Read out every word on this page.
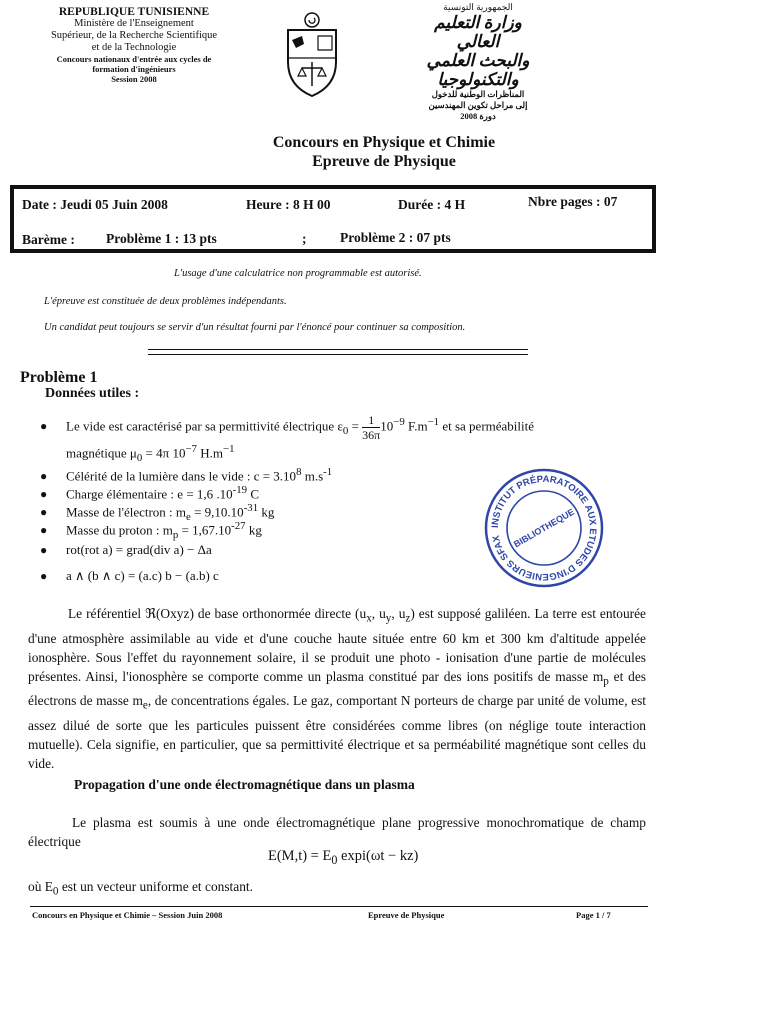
REPUBLIQUE TUNISIENNE
Ministère de l'Enseignement
Supérieur, de la Recherche Scientifique
et de la Technologie
Concours nationaux d'entrée aux cycles de
formation d'ingénieurs
Session 2008
الجمهورية التونسية
وزارة التعليم العالي
والبحث العلمي والتكنولوجيا
المناظرات الوطنية للدخول
إلى مراحل تكوين المهندسين
دورة 2008
Concours en Physique et Chimie
Epreuve de Physique
Date : Jeudi 05 Juin 2008	Heure : 8 H 00	Durée : 4 H	Nbre pages : 07
Barème : Problème 1 : 13 pts	; Problème 2 : 07 pts
L'usage d'une calculatrice non programmable est autorisé.
L'épreuve est constituée de deux problèmes indépendants.
Un candidat peut toujours se servir d'un résultat fourni par l'énoncé pour continuer sa composition.
Problème 1
Données utiles :
● Le vide est caractérisé par sa permittivité électrique $\varepsilon_0 = \frac{1}{36\pi} 10^{-9}$ $F.m^{-1}$ et sa perméabilité
magnétique $\mu_0 = 4\pi$ $10^{-7}$ $H.m^{-1}$
● Célérité de la lumière dans le vide : $c = 3.10^8$ $m.s^{-1}$
● Charge élémentaire : e = 1,6 $.10^{-19}$ C
● Masse de l'électron : $m_e = 9,10.10^{-31}$ kg
● Masse du proton : $m_p = 1,67.10^{-27}$ kg
● rot(rot a) = grad(div a) − Δa
● a ∧ (b ∧ c) = (a.c) b − (a.b) c
INSTITUT PRÉPARATOIRE AUX ETUDES D'INGENIEURS SFAX	BIBLIOTHEQUE
Le référentiel ℜ(Oxyz) de base orthonormée directe ($u_x$, $u_y$, $u_z$) est supposé galiléen. La terre est entourée d'une atmosphère assimilable au vide et d'une couche haute située entre 60 km et 300 km d'altitude appelée ionosphère. Sous l'effet du rayonnement solaire, il se produit une photo - ionisation d'une partie de molécules présentes. Ainsi, l'ionosphère se comporte comme un plasma constitué par des ions positifs de masse $m_p$ et des électrons de masse $m_e$, de concentrations égales. Le gaz, comportant N porteurs de charge par unité de volume, est assez dilué de sorte que les particules puissent être considérées comme libres (on néglige toute interaction mutuelle). Cela signifie, en particulier, que sa permittivité électrique et sa perméabilité magnétique sont celles du vide.
Propagation d'une onde électromagnétique dans un plasma
Le plasma est soumis à une onde électromagnétique plane progressive monochromatique de champ électrique
$E(M,t) = E_0$ expi(ωt − kz)
où $E_0$ est un vecteur uniforme et constant.
Concours en Physique et Chimie – Session Juin 2008	Epreuve de Physique	Page 1 / 7
